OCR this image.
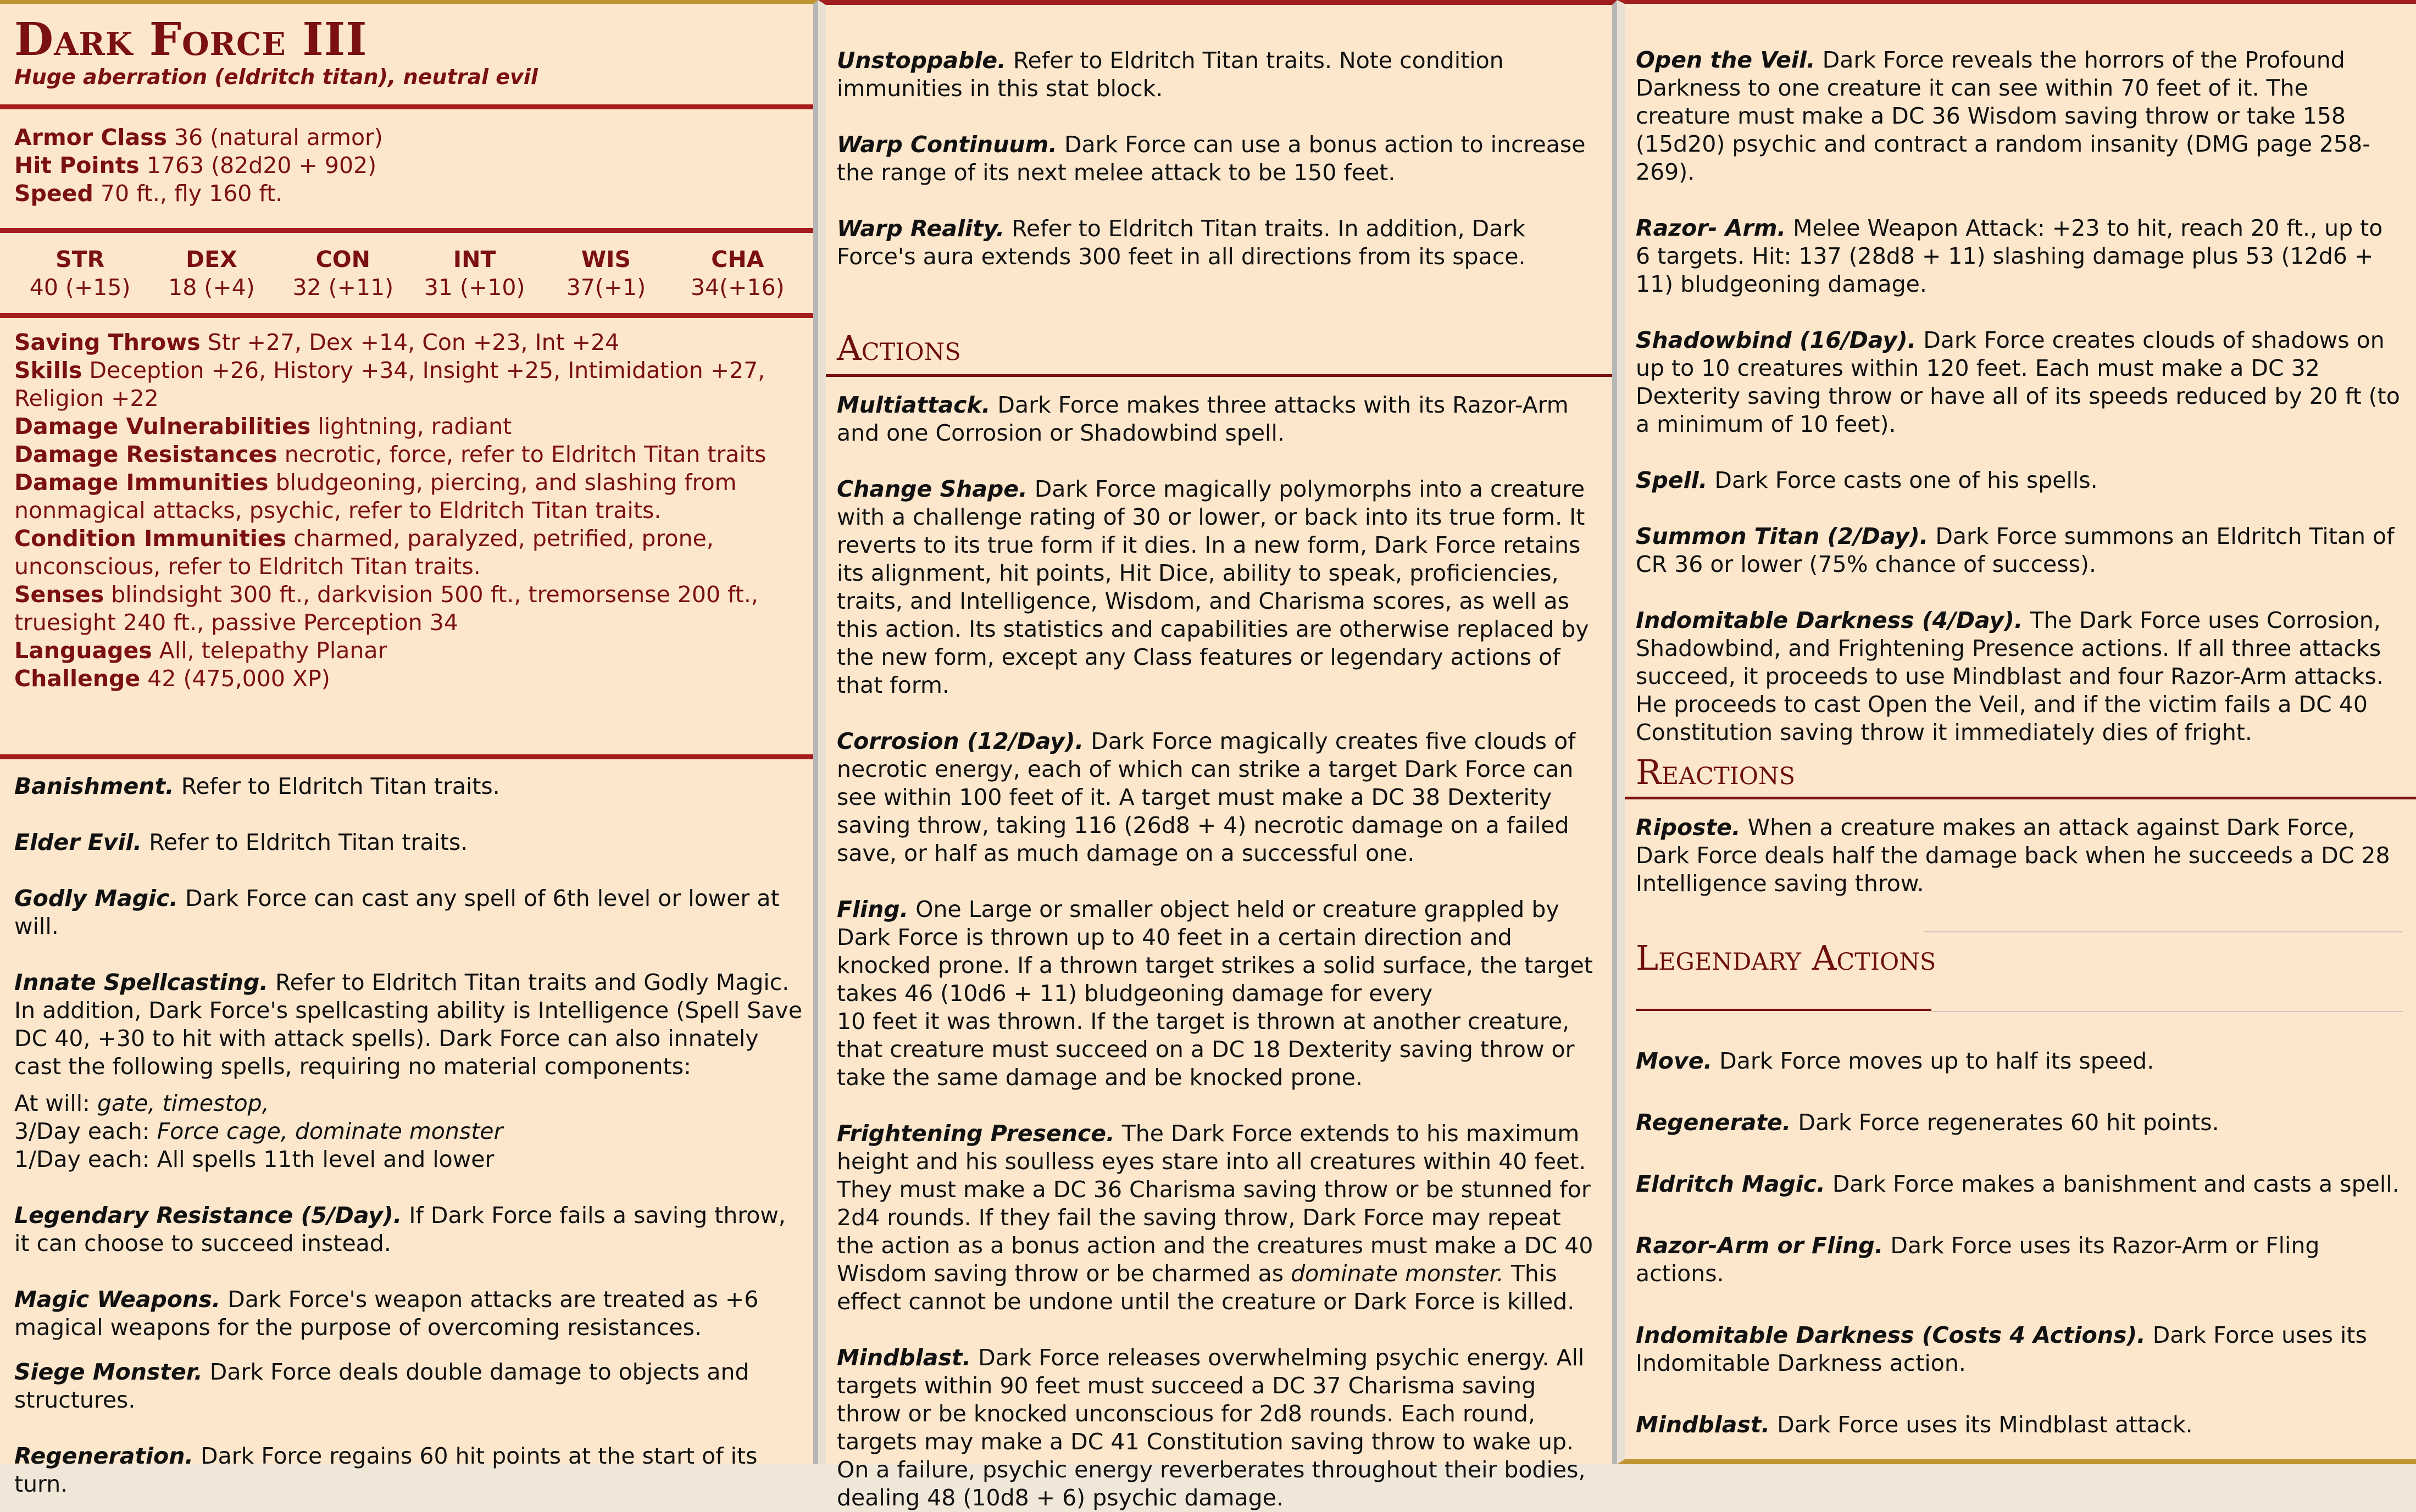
Dark Force III
Huge aberration (eldritch titan), neutral evil
Armor Class 36 (natural armor)
Hit Points 1763 (82d20 + 902)
Speed 70 ft., fly 160 ft.
STR
40 (+15)
DEX
18 (+4)
CON
32 (+11)
INT
31 (+10)
WIS
37(+1)
CHA
34(+16)
Saving Throws Str +27, Dex +14, Con +23, Int +24
Skills Deception +26, History +34, Insight +25, Intimidation +27, Religion +22
Damage Vulnerabilities lightning, radiant
Damage Resistances necrotic, force, refer to Eldritch Titan traits
Damage Immunities bludgeoning, piercing, and slashing from nonmagical attacks, psychic, refer to Eldritch Titan traits.
Condition Immunities charmed, paralyzed, petrified, prone, unconscious, refer to Eldritch Titan traits.
Senses blindsight 300 ft., darkvision 500 ft., tremorsense 200 ft., truesight 240 ft., passive Perception 34
Languages All, telepathy Planar
Challenge 42 (475,000 XP)

Banishment. Refer to Eldritch Titan traits.

Elder Evil. Refer to Eldritch Titan traits.

Godly Magic. Dark Force can cast any spell of 6th level or lower at will.

Innate Spellcasting. Refer to Eldritch Titan traits and Godly Magic. In addition, Dark Force's spellcasting ability is Intelligence (Spell Save DC 40, +30 to hit with attack spells). Dark Force can also innately cast the following spells, requiring no material components:

At will: gate, timestop,
3/Day each: Force cage, dominate monster
1/Day each: All spells 11th level and lower

Legendary Resistance (5/Day). If Dark Force fails a saving throw, it can choose to succeed instead.

Magic Weapons. Dark Force's weapon attacks are treated as +6 magical weapons for the purpose of overcoming resistances.

Siege Monster. Dark Force deals double damage to objects and structures.

Regeneration. Dark Force regains 60 hit points at the start of its turn.

Unstoppable. Refer to Eldritch Titan traits. Note condition immunities in this stat block.

Warp Continuum. Dark Force can use a bonus action to increase the range of its next melee attack to be 150 feet.

Warp Reality. Refer to Eldritch Titan traits. In addition, Dark Force's aura extends 300 feet in all directions from its space.

Actions

Multiattack. Dark Force makes three attacks with its Razor-Arm and one Corrosion or Shadowbind spell.

Change Shape. Dark Force magically polymorphs into a creature with a challenge rating of 30 or lower, or back into its true form. It reverts to its true form if it dies. In a new form, Dark Force retains its alignment, hit points, Hit Dice, ability to speak, proficiencies, traits, and Intelligence, Wisdom, and Charisma scores, as well as this action. Its statistics and capabilities are otherwise replaced by the new form, except any Class features or legendary actions of that form.

Corrosion (12/Day). Dark Force magically creates five clouds of necrotic energy, each of which can strike a target Dark Force can see within 100 feet of it. A target must make a DC 38 Dexterity saving throw, taking 116 (26d8 + 4) necrotic damage on a failed save, or half as much damage on a successful one.

Fling. One Large or smaller object held or creature grappled by Dark Force is thrown up to 40 feet in a certain direction and knocked prone. If a thrown target strikes a solid surface, the target takes 46 (10d6 + 11) bludgeoning damage for every

10 feet it was thrown. If the target is thrown at another creature, that creature must succeed on a DC 18 Dexterity saving throw or take the same damage and be knocked prone.

Frightening Presence. The Dark Force extends to his maximum height and his soulless eyes stare into all creatures within 40 feet. They must make a DC 36 Charisma saving throw or be stunned for 2d4 rounds. If they fail the saving throw, Dark Force may repeat the action as a bonus action and the creatures must make a DC 40 Wisdom saving throw or be charmed as dominate monster. This effect cannot be undone until the creature or Dark Force is killed.

Mindblast. Dark Force releases overwhelming psychic energy. All targets within 90 feet must succeed a DC 37 Charisma saving throw or be knocked unconscious for 2d8 rounds. Each round, targets may make a DC 41 Constitution saving throw to wake up. On a failure, psychic energy reverberates throughout their bodies, dealing 48 (10d8 + 6) psychic damage.

Open the Veil. Dark Force reveals the horrors of the Profound Darkness to one creature it can see within 70 feet of it. The creature must make a DC 36 Wisdom saving throw or take 158 (15d20) psychic and contract a random insanity (DMG page 258-269).

Razor- Arm. Melee Weapon Attack: +23 to hit, reach 20 ft., up to 6 targets. Hit: 137 (28d8 + 11) slashing damage plus 53 (12d6 + 11) bludgeoning damage.

Shadowbind (16/Day). Dark Force creates clouds of shadows on up to 10 creatures within 120 feet. Each must make a DC 32 Dexterity saving throw or have all of its speeds reduced by 20 ft (to a minimum of 10 feet).

Spell. Dark Force casts one of his spells.

Summon Titan (2/Day). Dark Force summons an Eldritch Titan of CR 36 or lower (75% chance of success).

Indomitable Darkness (4/Day). The Dark Force uses Corrosion, Shadowbind, and Frightening Presence actions. If all three attacks succeed, it proceeds to use Mindblast and four Razor-Arm attacks. He proceeds to cast Open the Veil, and if the victim fails a DC 40 Constitution saving throw it immediately dies of fright.

Reactions

Riposte. When a creature makes an attack against Dark Force, Dark Force deals half the damage back when he succeeds a DC 28 Intelligence saving throw.

Legendary Actions

Move. Dark Force moves up to half its speed.

Regenerate. Dark Force regenerates 60 hit points.

Eldritch Magic. Dark Force makes a banishment and casts a spell.

Razor-Arm or Fling. Dark Force uses its Razor-Arm or Fling actions.

Indomitable Darkness (Costs 4 Actions). Dark Force uses its Indomitable Darkness action.

Mindblast. Dark Force uses its Mindblast attack.
